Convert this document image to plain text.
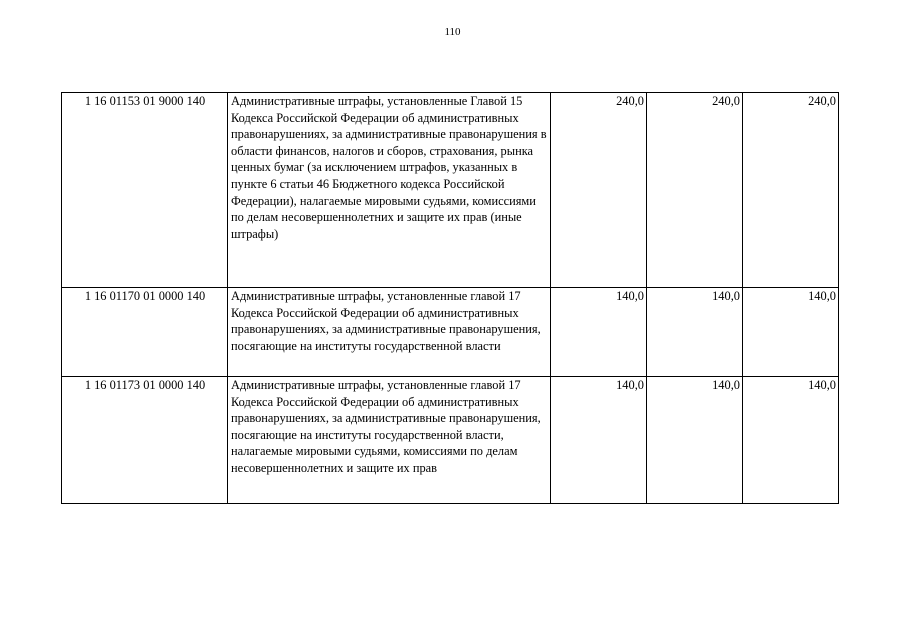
110
1 16 01153 01 9000 140	Административные штрафы, установленные Главой 15 Кодекса Российской Федерации об административных правонарушениях, за административные правонарушения в области финансов, налогов и сборов, страхования, рынка ценных бумаг (за исключением штрафов, указанных в пункте 6 статьи 46 Бюджетного кодекса Российской Федерации), налагаемые мировыми судьями, комиссиями по делам несовершеннолетних и защите их прав (иные штрафы)	240,0	240,0	240,0
1 16 01170 01 0000 140	Административные штрафы, установленные главой 17 Кодекса Российской Федерации об административных правонарушениях, за административные правонарушения, посягающие на институты государственной власти	140,0	140,0	140,0
1 16 01173 01 0000 140	Административные штрафы, установленные главой 17 Кодекса Российской Федерации об административных правонарушениях, за административные правонарушения, посягающие на институты государственной власти, налагаемые мировыми судьями, комиссиями по делам несовершеннолетних и защите их прав	140,0	140,0	140,0
